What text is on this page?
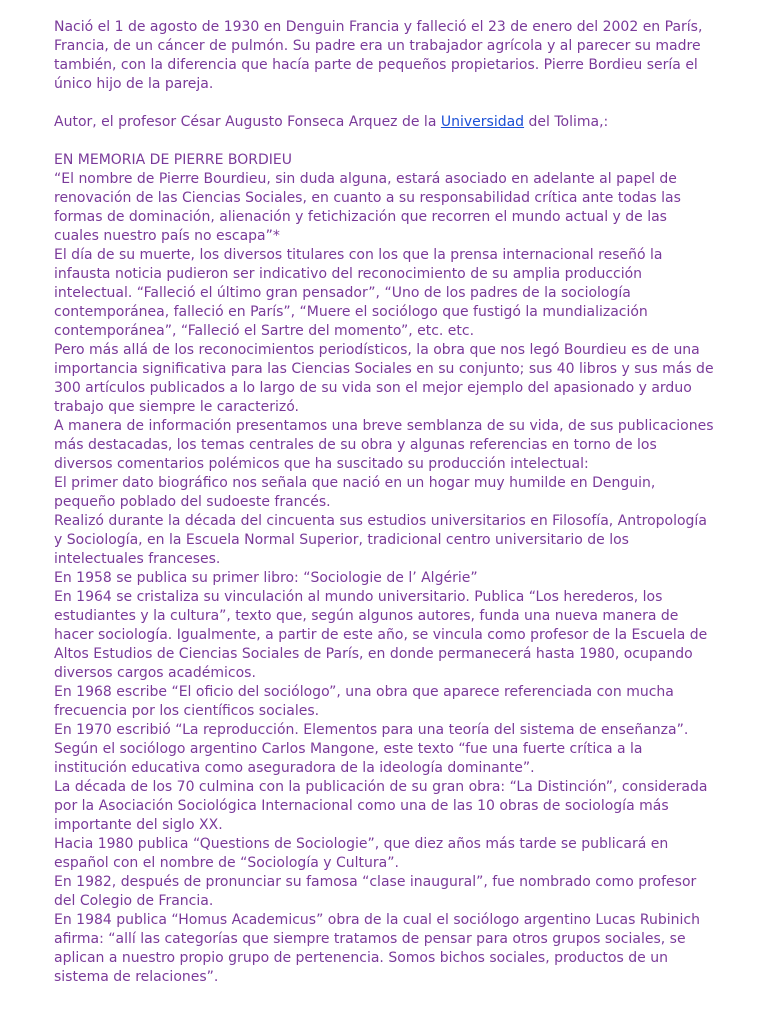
Nació el 1 de agosto de 1930 en Denguin Francia y falleció el 23 de enero del 2002 en París, Francia, de un cáncer de pulmón. Su padre era un trabajador agrícola y al parecer su madre también, con la diferencia que hacía parte de pequeños propietarios. Pierre Bordieu sería el único hijo de la pareja.

Autor, el profesor César Augusto Fonseca Arquez de la Universidad del Tolima,:

EN MEMORIA DE PIERRE BORDIEU

“El nombre de Pierre Bourdieu, sin duda alguna, estará asociado en adelante al papel de renovación de las Ciencias Sociales, en cuanto a su responsabilidad crítica ante todas las formas de dominación, alienación y fetichización que recorren el mundo actual y de las cuales nuestro país no escapa”*

El día de su muerte, los diversos titulares con los que la prensa internacional reseñó la infausta noticia pudieron ser indicativo del reconocimiento de su amplia producción intelectual. “Falleció el último gran pensador”, “Uno de los padres de la sociología contemporánea, falleció en París”, “Muere el sociólogo que fustigó la mundialización contemporánea”, “Falleció el Sartre del momento”, etc. etc.

Pero más allá de los reconocimientos periodísticos, la obra que nos legó Bourdieu es de una importancia significativa para las Ciencias Sociales en su conjunto; sus 40 libros y sus más de 300 artículos publicados a lo largo de su vida son el mejor ejemplo del apasionado y arduo trabajo que siempre le caracterizó.

A manera de información presentamos una breve semblanza de su vida, de sus publicaciones más destacadas, los temas centrales de su obra y algunas referencias en torno de los diversos comentarios polémicos que ha suscitado su producción intelectual:

El primer dato biográfico nos señala que nació en un hogar muy humilde en Denguin, pequeño poblado del sudoeste francés.

Realizó durante la década del cincuenta sus estudios universitarios en Filosofía, Antropología y Sociología, en la Escuela Normal Superior, tradicional centro universitario de los intelectuales franceses.

En 1958 se publica su primer libro: “Sociologie de l’ Algérie”

En 1964 se cristaliza su vinculación al mundo universitario. Publica “Los herederos, los estudiantes y la cultura”, texto que, según algunos autores, funda una nueva manera de hacer sociología. Igualmente, a partir de este año, se vincula como profesor de la Escuela de Altos Estudios de Ciencias Sociales de París, en donde permanecerá hasta 1980, ocupando diversos cargos académicos.

En 1968 escribe “El oficio del sociólogo”, una obra que aparece referenciada con mucha frecuencia por los científicos sociales.

En 1970 escribió “La reproducción. Elementos para una teoría del sistema de enseñanza”. Según el sociólogo argentino Carlos Mangone, este texto “fue una fuerte crítica a la institución educativa como aseguradora de la ideología dominante”.

La década de los 70 culmina con la publicación de su gran obra: “La Distinción”, considerada por la Asociación Sociológica Internacional como una de las 10 obras de sociología más importante del siglo XX.

Hacia 1980 publica “Questions de Sociologie”, que diez años más tarde se publicará en español con el nombre de “Sociología y Cultura”.

En 1982, después de pronunciar su famosa “clase inaugural”, fue nombrado como profesor del Colegio de Francia.

En 1984 publica “Homus Academicus” obra de la cual el sociólogo argentino Lucas Rubinich afirma: “allí las categorías que siempre tratamos de pensar para otros grupos sociales, se aplican a nuestro propio grupo de pertenencia. Somos bichos sociales, productos de un sistema de relaciones”.
